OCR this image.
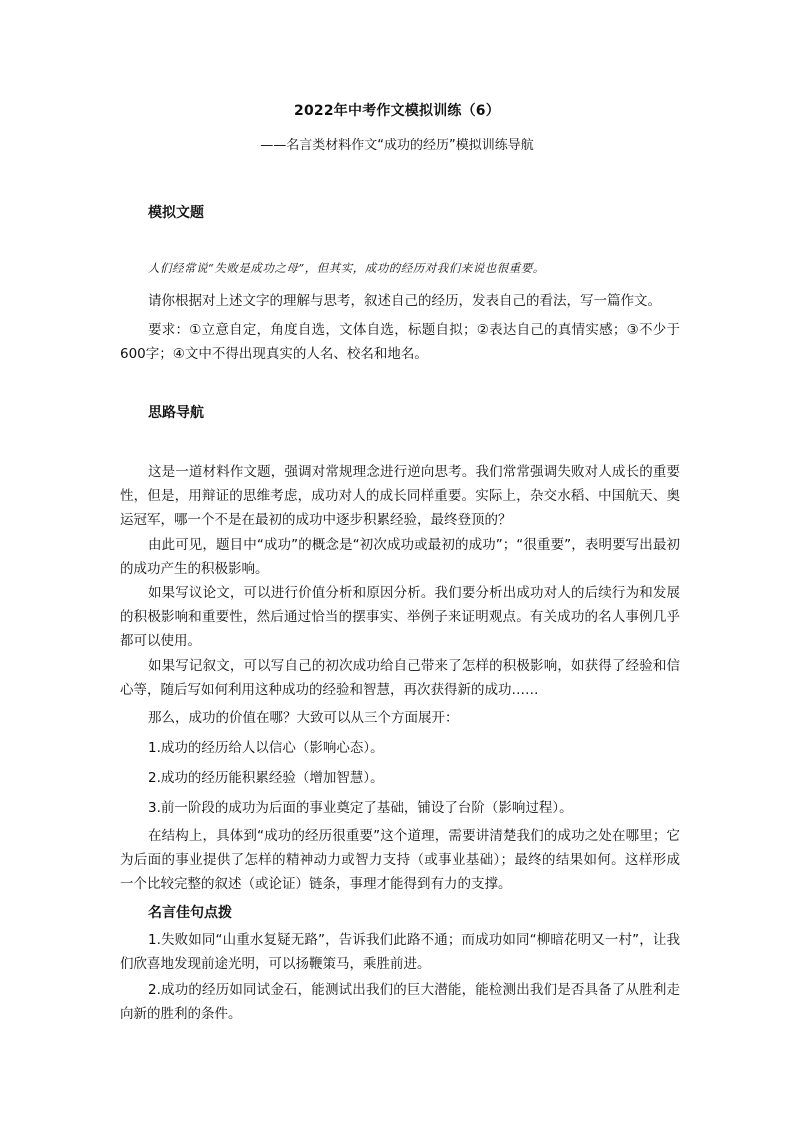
2022年中考作文模拟训练（6）
——名言类材料作文“成功的经历”模拟训练导航
模拟文题
人们经常说“失败是成功之母”，但其实，成功的经历对我们来说也很重要。

请你根据对上述文字的理解与思考，叙述自己的经历，发表自己的看法，写一篇作文。

要求：①立意自定，角度自选，文体自选，标题自拟；②表达自己的真情实感；③不少于600字；④文中不得出现真实的人名、校名和地名。

思路导航

这是一道材料作文题，强调对常规理念进行逆向思考。我们常常强调失败对人成长的重要性，但是，用辩证的思维考虑，成功对人的成长同样重要。实际上，杂交水稻、中国航天、奥运冠军，哪一个不是在最初的成功中逐步积累经验，最终登顶的？

由此可见，题目中“成功”的概念是“初次成功或最初的成功”；“很重要”，表明要写出最初的成功产生的积极影响。

如果写议论文，可以进行价值分析和原因分析。我们要分析出成功对人的后续行为和发展的积极影响和重要性，然后通过恰当的摆事实、举例子来证明观点。有关成功的名人事例几乎都可以使用。

如果写记叙文，可以写自己的初次成功给自己带来了怎样的积极影响，如获得了经验和信心等，随后写如何利用这种成功的经验和智慧，再次获得新的成功……

那么，成功的价值在哪？大致可以从三个方面展开：

1.成功的经历给人以信心（影响心态）。

2.成功的经历能积累经验（增加智慧）。

3.前一阶段的成功为后面的事业奠定了基础，铺设了台阶（影响过程）。

在结构上，具体到“成功的经历很重要”这个道理，需要讲清楚我们的成功之处在哪里；它为后面的事业提供了怎样的精神动力或智力支持（或事业基础）；最终的结果如何。这样形成一个比较完整的叙述（或论证）链条，事理才能得到有力的支撑。

名言佳句点拨

1.失败如同“山重水复疑无路”，告诉我们此路不通；而成功如同“柳暗花明又一村”，让我们欣喜地发现前途光明，可以扬鞭策马，乘胜前进。

2.成功的经历如同试金石，能测试出我们的巨大潜能，能检测出我们是否具备了从胜利走向新的胜利的条件。
